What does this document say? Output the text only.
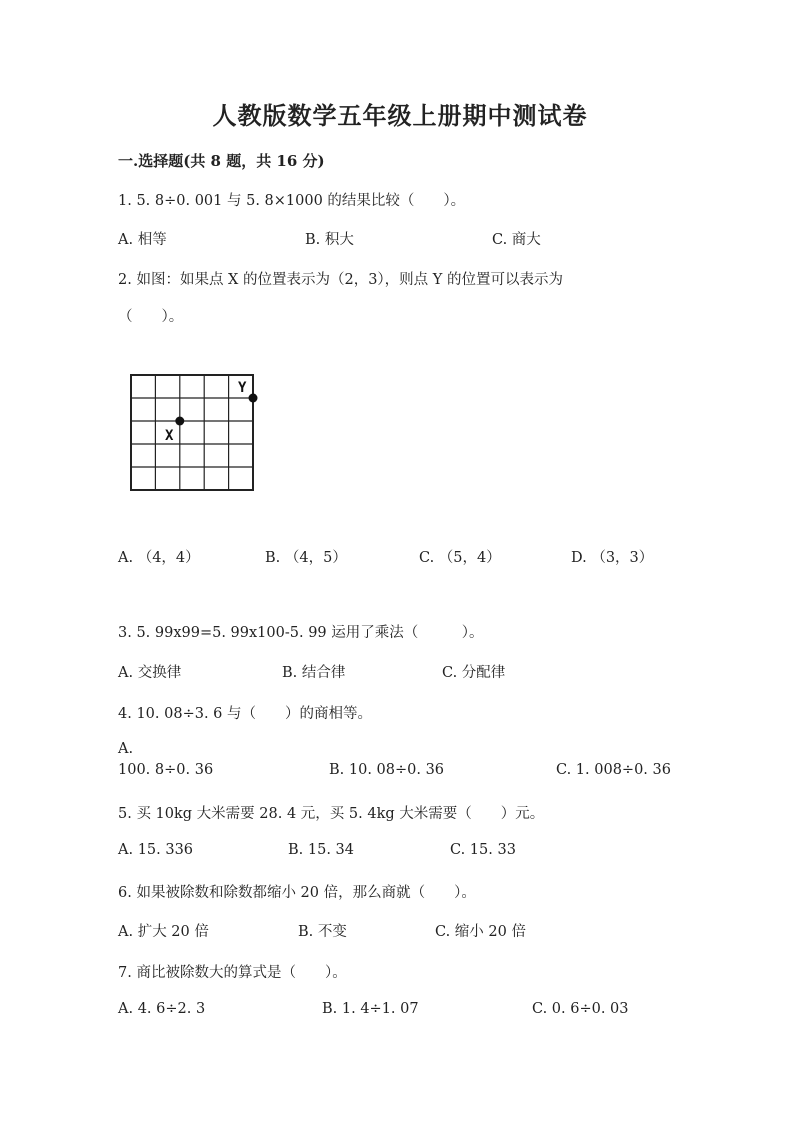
人教版数学五年级上册期中测试卷
一.选择题(共 8 题，共 16 分)
1. 5. 8÷0. 001 与 5. 8×1000 的结果比较（　　）。
A. 相等	B. 积大	C. 商大
2. 如图：如果点 X 的位置表示为（2，3），则点 Y 的位置可以表示为
（　　）。
X
Y
A. （4，4）	B. （4，5）	C. （5，4）	D. （3，3）
3. 5. 99x99=5. 99x100-5. 99 运用了乘法（　　　）。
A. 交换律	B. 结合律	C. 分配律
4. 10. 08÷3. 6 与（　　）的商相等。
A.
100. 8÷0. 36	B. 10. 08÷0. 36	C. 1. 008÷0. 36
5. 买 10kg 大米需要 28. 4 元，买 5. 4kg 大米需要（　　）元。
A. 15. 336	B. 15. 34	C. 15. 33
6. 如果被除数和除数都缩小 20 倍，那么商就（　　）。
A. 扩大 20 倍	B. 不变	C. 缩小 20 倍
7. 商比被除数大的算式是（　　）。
A. 4. 6÷2. 3	B. 1. 4÷1. 07	C. 0. 6÷0. 03
